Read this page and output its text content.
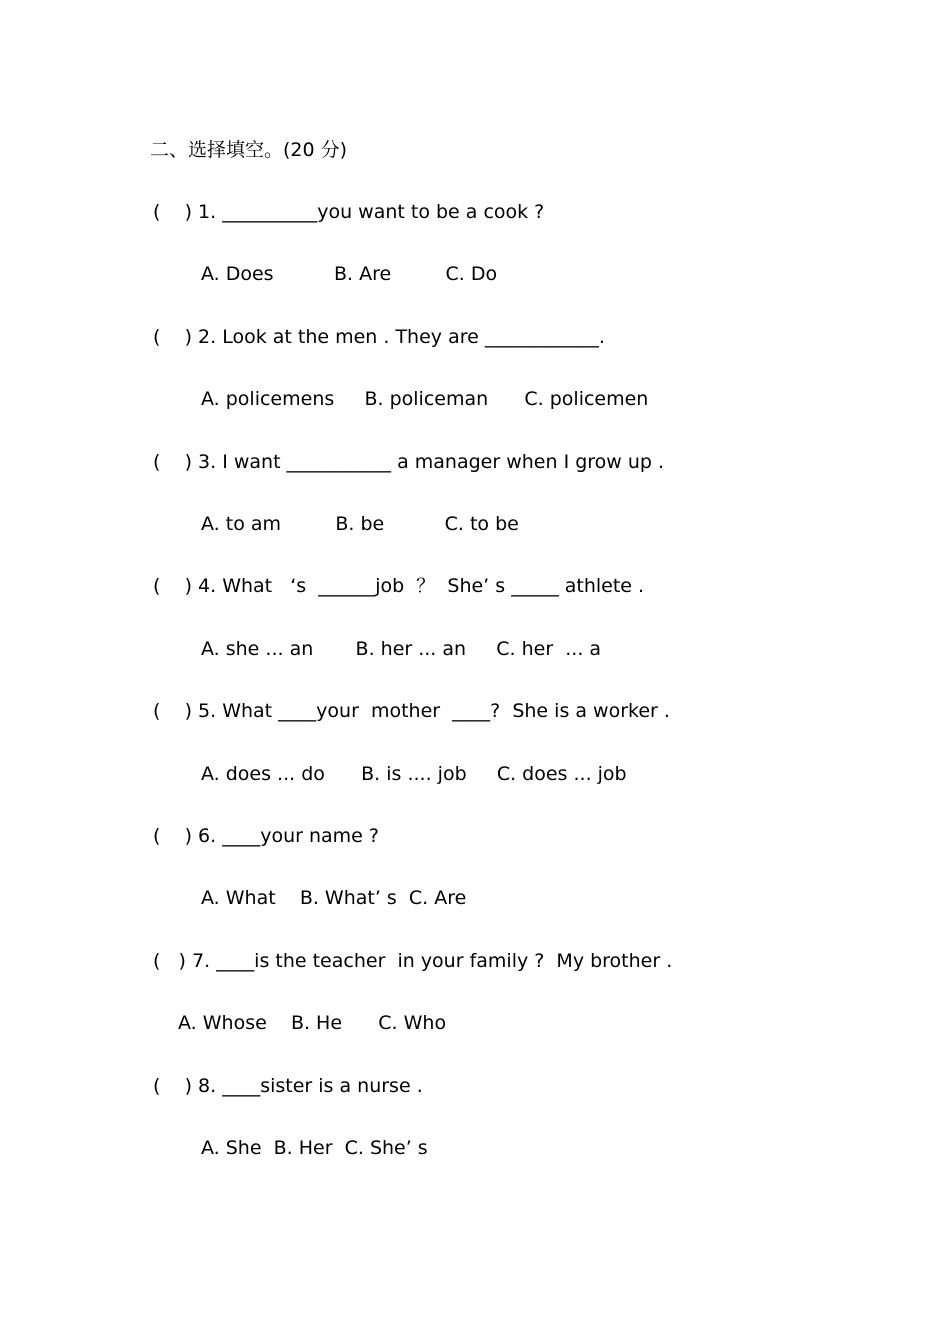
二、选择填空。(20 分)
(    ) 1. __________you want to be a cook ?
A. Does          B. Are         C. Do
(    ) 2. Look at the men . They are ____________.
A. policemens     B. policeman      C. policemen
(    ) 3. I want ___________ a manager when I grow up .
A. to am         B. be          C. to be
(    ) 4. What   ‘s  ______job  ？  She’ s _____ athlete .
A. she ... an       B. her ... an     C. her  ... a
(    ) 5. What ____your  mother  ____?  She is a worker .
A. does ... do      B. is .... job     C. does ... job
(    ) 6. ____your name ?
A. What    B. What’ s  C. Are
(   ) 7. ____is the teacher  in your family ?  My brother .
A. Whose    B. He      C. Who
(    ) 8. ____sister is a nurse .
A. She  B. Her  C. She’ s
